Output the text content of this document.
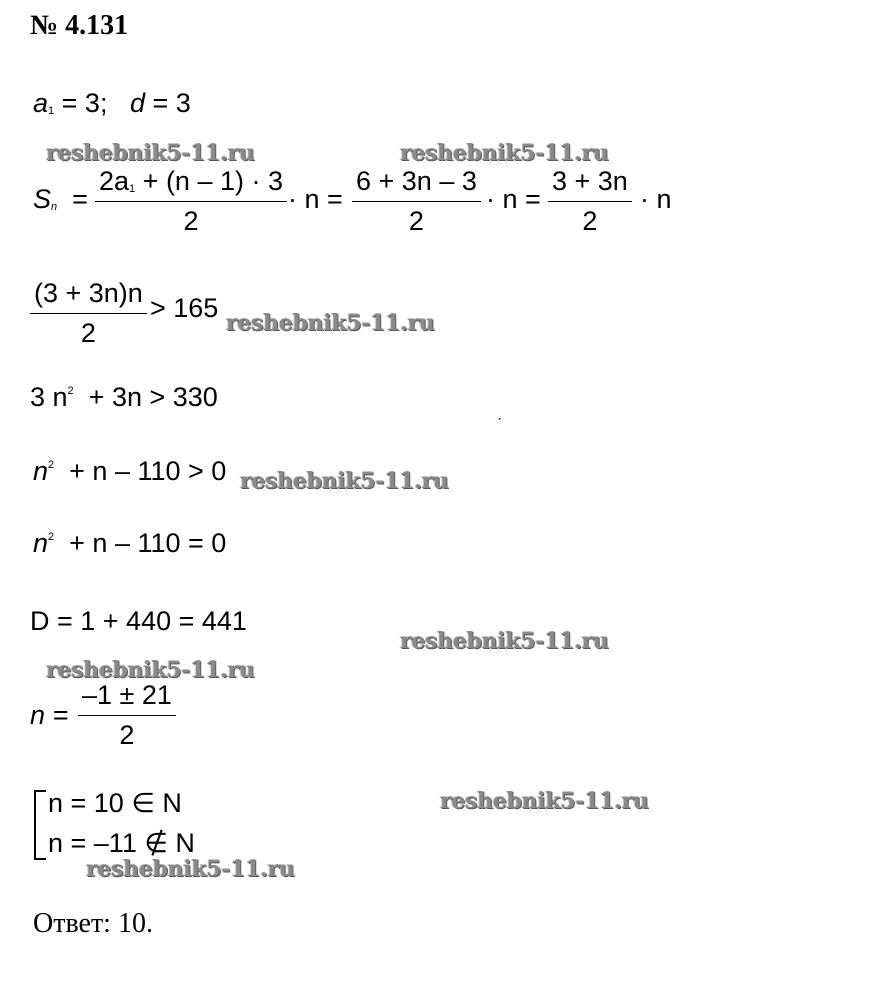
№ 4.131
$a_1 = 3$; d = 3
$S_n = \frac{2a_1 + (n - 1) \cdot 3}{2} \cdot n = \frac{6 + 3n - 3}{2} \cdot n = \frac{3 + 3n}{2} \cdot n$
$\frac{(3 + 3n)n}{2} > 165$
3 $n^2 + 3n > 330$	ˏ
$n^2 + n - 110 > 0$
$n^2 + n - 110 = 0$
D = 1 + 440 = 441
$n = \frac{-1 \pm 21}{2}$
n = 10 ∈ N
n = –11 ∉ N
Ответ: 10.
reshebnik5-11.ru	reshebnik5-11.ru
reshebnik5-11.ru
reshebnik5-11.ru
reshebnik5-11.ru
reshebnik5-11.ru
reshebnik5-11.ru
reshebnik5-11.ru
